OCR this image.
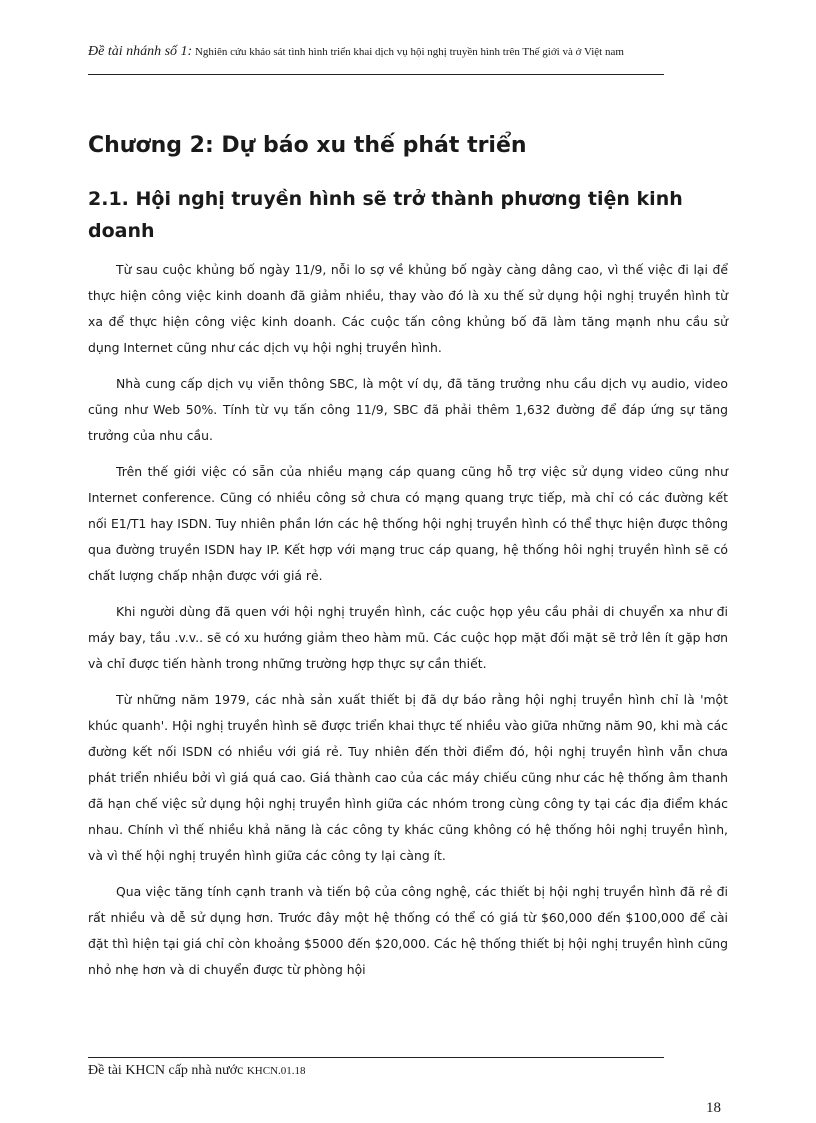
Đề tài nhánh số 1: Nghiên cứu khảo sát tình hình triển khai dịch vụ hội nghị truyền hình trên Thế giới và ở Việt nam
Chương 2: Dự báo xu thế phát triển
2.1. Hội nghị truyền hình sẽ trở thành phương tiện kinh doanh

Từ sau cuộc khủng bố ngày 11/9, nỗi lo sợ về khủng bố ngày càng dâng cao, vì thế việc đi lại để thực hiện công việc kinh doanh đã giảm nhiều, thay vào đó là xu thế sử dụng hội nghị truyền hình từ xa để thực hiện công việc kinh doanh. Các cuộc tấn công khủng bố đã làm tăng mạnh nhu cầu sử dụng Internet cũng như các dịch vụ hội nghị truyền hình.

Nhà cung cấp dịch vụ viễn thông SBC, là một ví dụ, đã tăng trưởng nhu cầu dịch vụ audio, video cũng như Web 50%. Tính từ vụ tấn công 11/9, SBC đã phải thêm 1,632 đường để đáp ứng sự tăng trưởng của nhu cầu.

Trên thế giới việc có sẵn của nhiều mạng cáp quang cũng hỗ trợ việc sử dụng video cũng như Internet conference. Cũng có nhiều công sở chưa có mạng quang trực tiếp, mà chỉ có các đường kết nối E1/T1 hay ISDN. Tuy nhiên phần lớn các hệ thống hội nghị truyền hình có thể thực hiện được thông qua đường truyền ISDN hay IP. Kết hợp với mạng truc cáp quang, hệ thống hôi nghị truyền hình sẽ có chất lượng chấp nhận được với giá rẻ.

Khi người dùng đã quen với hội nghị truyền hình, các cuộc họp yêu cầu phải di chuyển xa như đi máy bay, tầu .v.v.. sẽ có xu hướng giảm theo hàm mũ. Các cuộc họp mặt đối mặt sẽ trở lên ít gặp hơn và chỉ được tiến hành trong những trường hợp thực sự cần thiết.

Từ những năm 1979, các nhà sản xuất thiết bị đã dự báo rằng hội nghị truyền hình chỉ là 'một khúc quanh'. Hội nghị truyền hình sẽ được triển khai thực tế nhiều vào giữa những năm 90, khi mà các đường kết nối ISDN có nhiều với giá rẻ. Tuy nhiên đến thời điểm đó, hội nghị truyền hình vẫn chưa phát triển nhiều bởi vì giá quá cao. Giá thành cao của các máy chiếu cũng như các hệ thống âm thanh đã hạn chế việc sử dụng hội nghị truyền hình giữa các nhóm trong cùng công ty tại các địa điểm khác nhau. Chính vì thế nhiều khả năng là các công ty khác cũng không có hệ thống hôi nghị truyền hình, và vì thế hội nghị truyền hình giữa các công ty lại càng ít.

Qua việc tăng tính cạnh tranh và tiến bộ của công nghệ, các thiết bị hội nghị truyền hình đã rẻ đi rất nhiều và dễ sử dụng hơn. Trước đây một hệ thống có thể có giá từ $60,000 đến $100,000 để cài đặt thì hiện tại giá chỉ còn khoảng $5000 đến $20,000. Các hệ thống thiết bị hội nghị truyền hình cũng nhỏ nhẹ hơn và di chuyển được từ phòng hội

Đề tài KHCN cấp nhà nước KHCN.01.18
18
